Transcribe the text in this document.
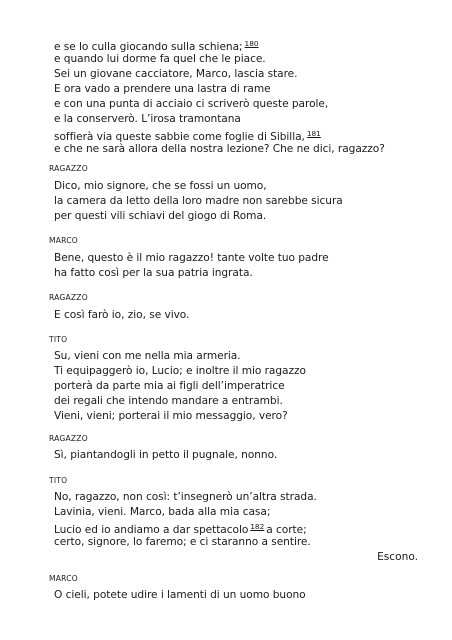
e se lo culla giocando sulla schiena; $^{180}$
e quando lui dorme fa quel che le piace.
Sei un giovane cacciatore, Marco, lascia stare.
E ora vado a prendere una lastra di rame
e con una punta di acciaio ci scriverò queste parole,
e la conserverò. L’irosa tramontana
soffierà via queste sabbie come foglie di Sibilla, $^{181}$
e che ne sarà allora della nostra lezione? Che ne dici, ragazzo?
RAGAZZO
Dico, mio signore, che se fossi un uomo,
la camera da letto della loro madre non sarebbe sicura
per questi vili schiavi del giogo di Roma.
MARCO
Bene, questo è il mio ragazzo! tante volte tuo padre
ha fatto così per la sua patria ingrata.
RAGAZZO
E così farò io, zio, se vivo.
TITO
Su, vieni con me nella mia armeria.
Ti equipaggerò io, Lucio; e inoltre il mio ragazzo
porterà da parte mia ai figli dell’imperatrice
dei regali che intendo mandare a entrambi.
Vieni, vieni; porterai il mio messaggio, vero?
RAGAZZO
Sì, piantandogli in petto il pugnale, nonno.
TITO
No, ragazzo, non così: t’insegnerò un’altra strada.
Lavinia, vieni. Marco, bada alla mia casa;
Lucio ed io andiamo a dar spettacolo $^{182}$ a corte;
certo, signore, lo faremo; e ci staranno a sentire.
Escono.
MARCO
O cieli, potete udire i lamenti di un uomo buono
